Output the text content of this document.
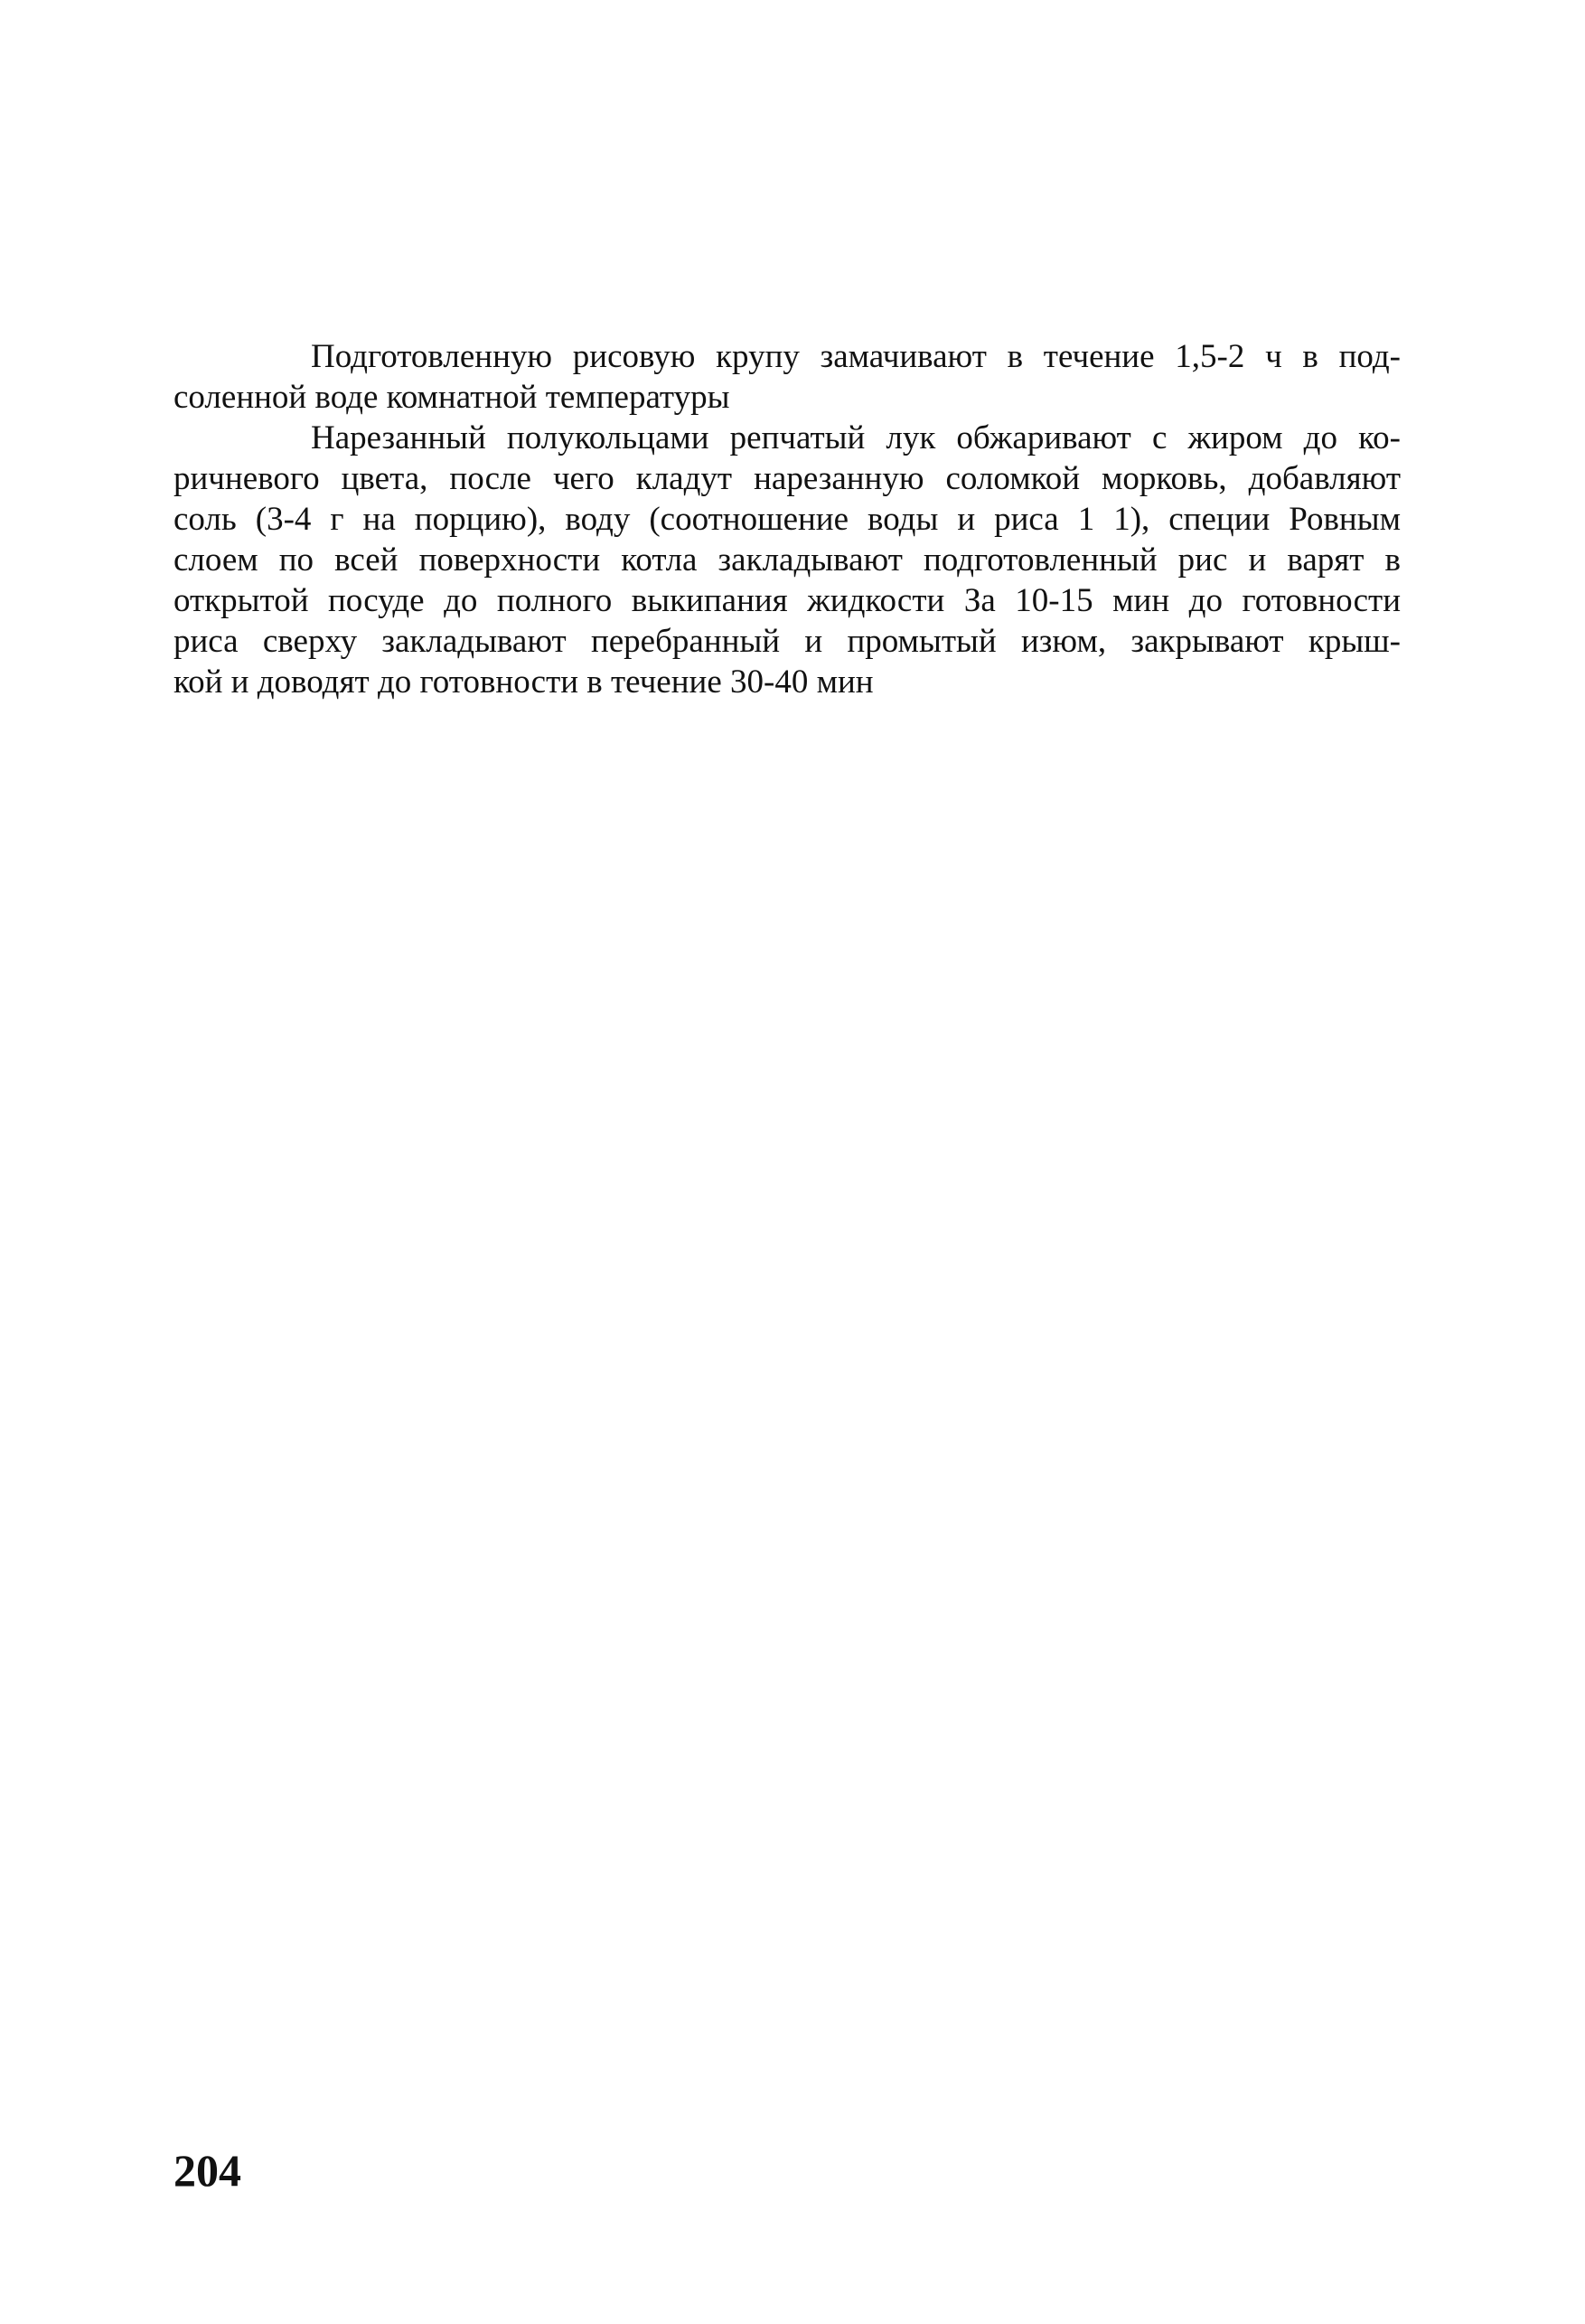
Подготовленную рисовую крупу замачивают в течение 1,5-2 ч в под-
соленной воде комнатной температуры
Нарезанный полукольцами репчатый лук обжаривают с жиром до ко-
ричневого цвета, после чего кладут нарезанную соломкой морковь, добавляют
соль (3-4 г на порцию), воду (соотношение воды и риса 1 1), специи Ровным
слоем по всей поверхности котла закладывают подготовленный рис и варят в
открытой посуде до полного выкипания жидкости За 10-15 мин до готовности
риса сверху закладывают перебранный и промытый изюм, закрывают крыш-
кой и доводят до готовности в течение 30-40 мин
204
